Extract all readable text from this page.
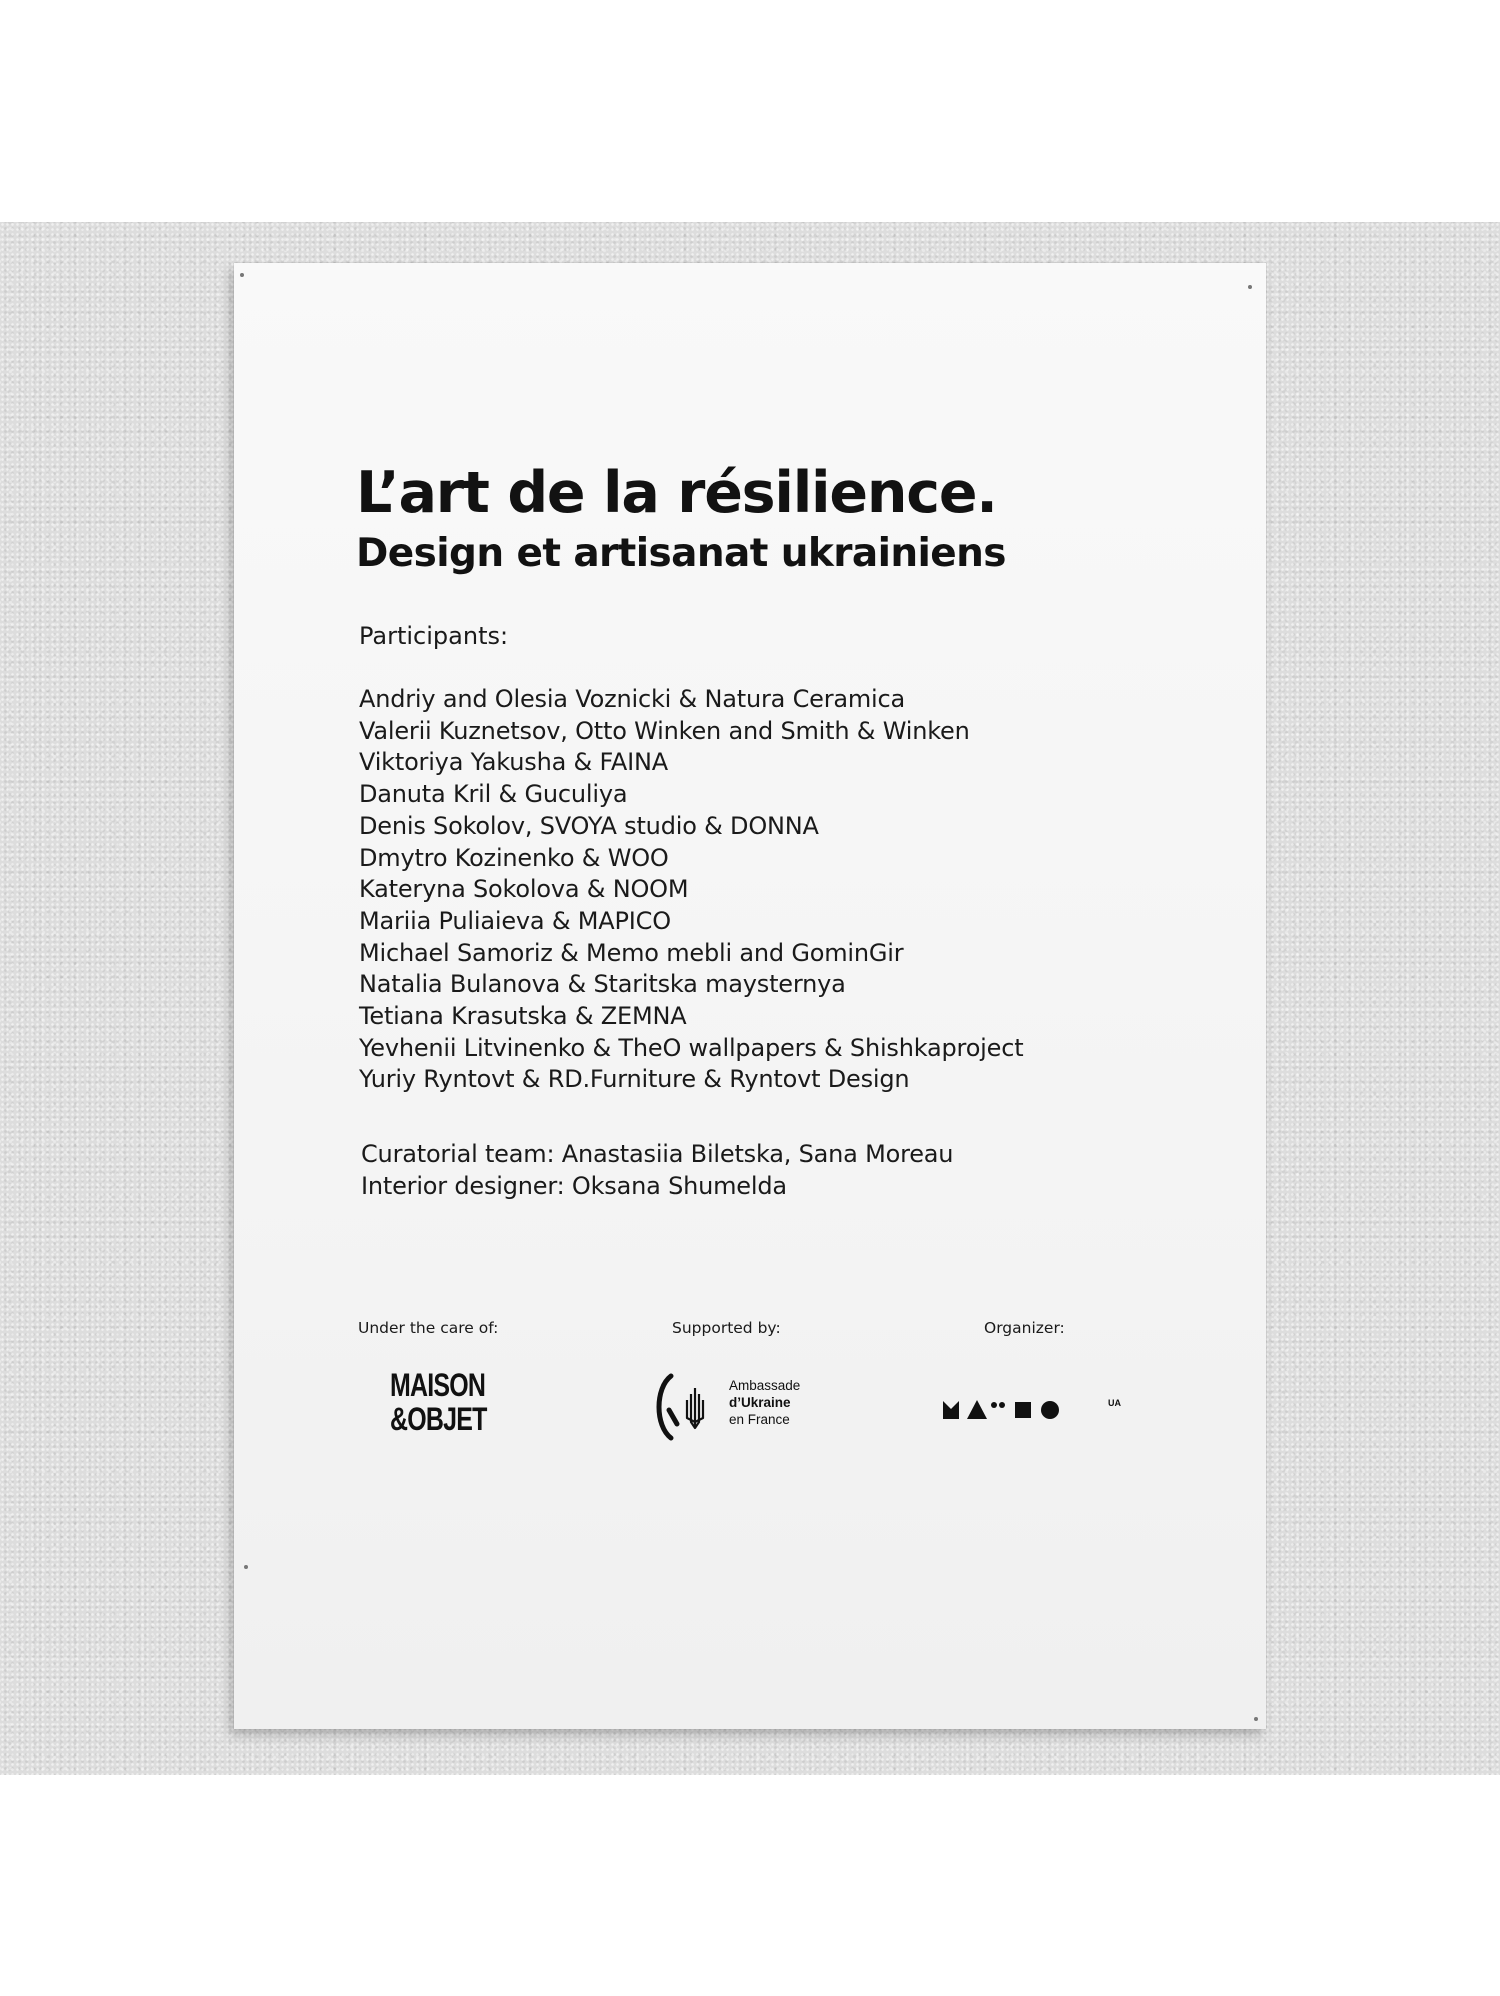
L’art de la résilience.
Design et artisanat ukrainiens
Participants:
Andriy and Olesia Voznicki & Natura Ceramica
Valerii Kuznetsov, Otto Winken and Smith & Winken
Viktoriya Yakusha & FAINA
Danuta Kril & Guculiya
Denis Sokolov, SVOYA studio & DONNA
Dmytro Kozinenko & WOO
Kateryna Sokolova & NOOM
Mariia Puliaieva & MAPICO
Michael Samoriz & Memo mebli and GominGir
Natalia Bulanova & Staritska maysternya
Tetiana Krasutska & ZEMNA
Yevhenii Litvinenko & TheO wallpapers & Shishkaproject
Yuriy Ryntovt & RD.Furniture & Ryntovt Design
Curatorial team: Anastasiia Biletska, Sana Moreau
Interior designer: Oksana Shumelda
Under the care of:	Supported by:	Organizer:
MAISON
&OBJET
Ambassade
d’Ukraine
en France
UA
